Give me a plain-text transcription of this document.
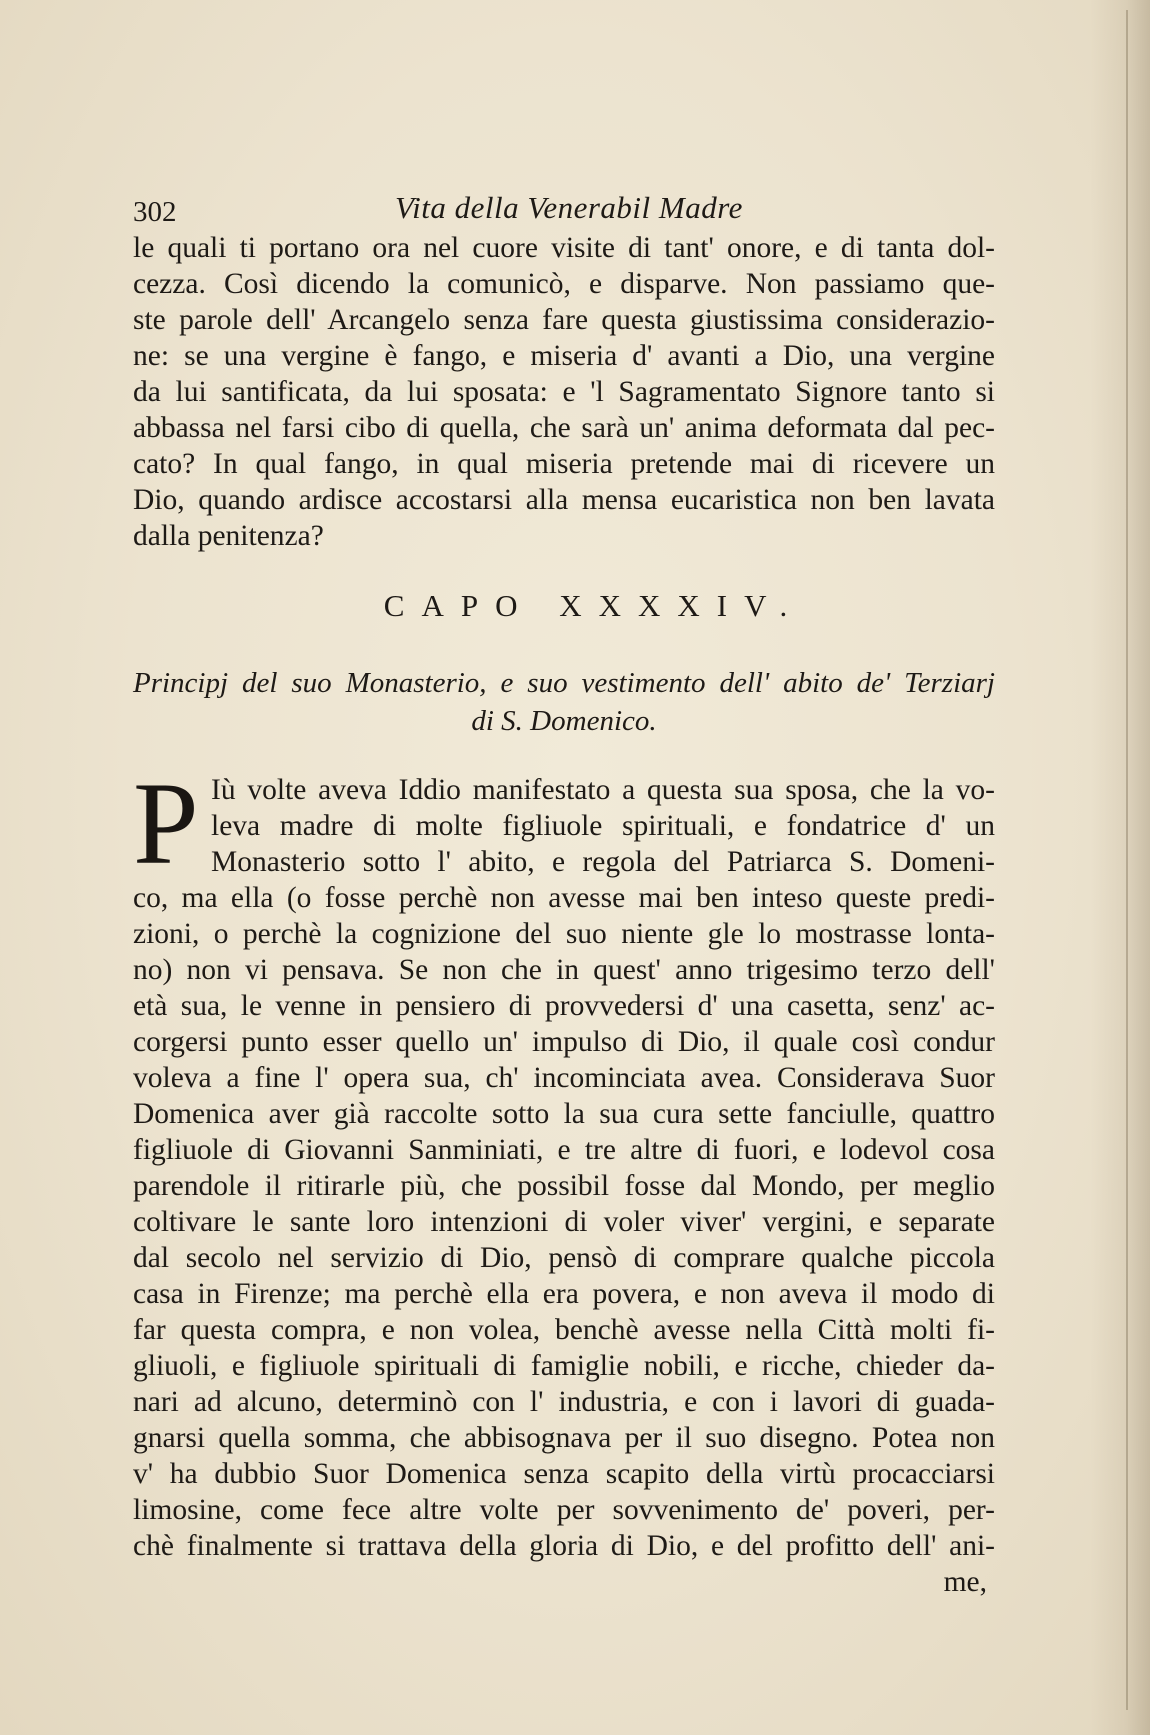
302	Vita della Venerabil Madre
le quali ti portano ora nel cuore visite di tant' onore, e di tanta dol-
cezza. Così dicendo la comunicò, e disparve. Non passiamo que-
ste parole dell' Arcangelo senza fare questa giustissima considerazio-
ne: se una vergine è fango, e miseria d' avanti a Dio, una vergine
da lui santificata, da lui sposata: e 'l Sagramentato Signore tanto si
abbassa nel farsi cibo di quella, che sarà un' anima deformata dal pec-
cato? In qual fango, in qual miseria pretende mai di ricevere un
Dio, quando ardisce accostarsi alla mensa eucaristica non ben lavata
dalla penitenza?
CAPO XXXXIV.
Principj del suo Monasterio, e suo vestimento dell' abito de' Terziarj
di S. Domenico.
P Iù volte aveva Iddio manifestato a questa sua sposa, che la vo-
leva madre di molte figliuole spirituali, e fondatrice d' un
Monasterio sotto l' abito, e regola del Patriarca S. Domeni-
co, ma ella (o fosse perchè non avesse mai ben inteso queste predi-
zioni, o perchè la cognizione del suo niente gle lo mostrasse lonta-
no) non vi pensava. Se non che in quest' anno trigesimo terzo dell'
età sua, le venne in pensiero di provvedersi d' una casetta, senz' ac-
corgersi punto esser quello un' impulso di Dio, il quale così condur
voleva a fine l' opera sua, ch' incominciata avea. Considerava Suor
Domenica aver già raccolte sotto la sua cura sette fanciulle, quattro
figliuole di Giovanni Sanminiati, e tre altre di fuori, e lodevol cosa
parendole il ritirarle più, che possibil fosse dal Mondo, per meglio
coltivare le sante loro intenzioni di voler viver' vergini, e separate
dal secolo nel servizio di Dio, pensò di comprare qualche piccola
casa in Firenze; ma perchè ella era povera, e non aveva il modo di
far questa compra, e non volea, benchè avesse nella Città molti fi-
gliuoli, e figliuole spirituali di famiglie nobili, e ricche, chieder da-
nari ad alcuno, determinò con l' industria, e con i lavori di guada-
gnarsi quella somma, che abbisognava per il suo disegno. Potea non
v' ha dubbio Suor Domenica senza scapito della virtù procacciarsi
limosine, come fece altre volte per sovvenimento de' poveri, per-
chè finalmente si trattava della gloria di Dio, e del profitto dell' ani-
me,
